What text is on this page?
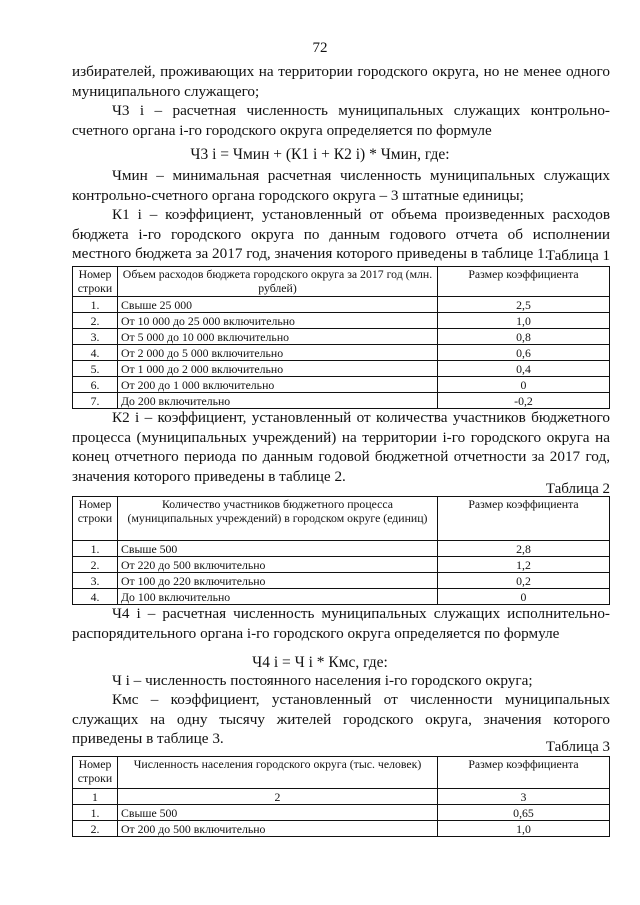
72
избирателей, проживающих на территории городского округа, но не менее одного муниципального служащего;
Ч3 i – расчетная численность муниципальных служащих контрольно-счетного органа i-го городского округа определяется по формуле
Ч3 i = Чмин + (К1 i + К2 i) * Чмин, где:
Чмин – минимальная расчетная численность муниципальных служащих контрольно-счетного органа городского округа – 3 штатные единицы;
К1 i – коэффициент, установленный от объема произведенных расходов бюджета i-го городского округа по данным годового отчета об исполнении местного бюджета за 2017 год, значения которого приведены в таблице 1.
Таблица 1
Номер
строки	Объем расходов бюджета городского округа за 2017 год (млн. рублей)	Размер коэффициента
1.	Свыше 25 000	2,5
2.	От 10 000 до 25 000 включительно	1,0
3.	От 5 000 до 10 000 включительно	0,8
4.	От 2 000 до 5 000 включительно	0,6
5.	От 1 000 до 2 000 включительно	0,4
6.	От 200 до 1 000 включительно	0
7.	До 200 включительно	-0,2
К2 i – коэффициент, установленный от количества участников бюджетного процесса (муниципальных учреждений) на территории i-го городского округа на конец отчетного периода по данным годовой бюджетной отчетности за 2017 год, значения которого приведены в таблице 2.
Таблица 2
Номер
строки	Количество участников бюджетного процесса (муниципальных учреждений) в городском округе (единиц)	Размер коэффициента
1.	Свыше 500	2,8
2.	От 220 до 500 включительно	1,2
3.	От 100 до 220 включительно	0,2
4.	До 100 включительно	0
Ч4 i – расчетная численность муниципальных служащих исполнительно-распорядительного органа i-го городского округа определяется по формуле
Ч4 i = Ч i * Кмс, где:
Ч i – численность постоянного населения i-го городского округа;
Кмс – коэффициент, установленный от численности муниципальных служащих на одну тысячу жителей городского округа, значения которого приведены в таблице 3.	Таблица 3
Номер
строки	Численность населения городского округа (тыс. человек)	Размер коэффициента
1	2	3
1.	Свыше 500	0,65
2.	От 200 до 500 включительно	1,0
